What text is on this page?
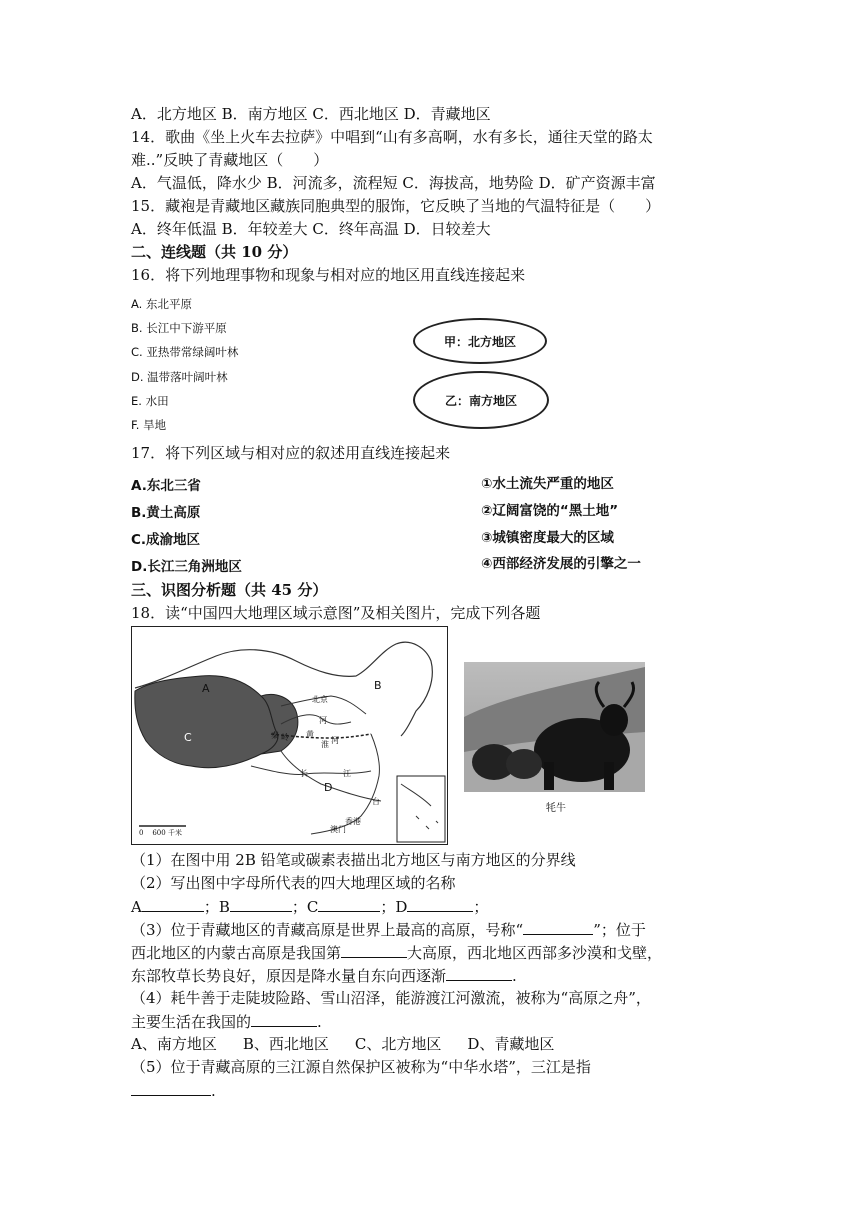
A．北方地区 B．南方地区 C．西北地区 D．青藏地区
14．歌曲《坐上火车去拉萨》中唱到“山有多高啊，水有多长，通往天堂的路太
难..”反映了青藏地区（　　）
A．气温低，降水少 B．河流多，流程短 C．海拔高，地势险 D．矿产资源丰富
15．藏袍是青藏地区藏族同胞典型的服饰，它反映了当地的气温特征是（　　）
A．终年低温 B．年较差大 C．终年高温 D．日较差大
二、连线题（共 10 分）
16．将下列地理事物和现象与相对应的地区用直线连接起来
A. 东北平原
B. 长江中下游平原
C. 亚热带常绿阔叶林
D. 温带落叶阔叶林
E. 水田
F. 旱地
甲：北方地区
乙：南方地区
17．将下列区域与相对应的叙述用直线连接起来
A.东北三省
B.黄土高原
C.成渝地区
D.长江三角洲地区
①水土流失严重的地区
②辽阔富饶的“黑土地”
③城镇密度最大的区域
④西部经济发展的引擎之一
三、识图分析题（共 45 分）
18．读“中国四大地理区域示意图”及相关图片，完成下列各题
A	B
C
D
北京
秦 岭
淮 河
黄
河
长	江
台
香港
澳门
0    600 千米
牦牛
（1）在图中用 2B 铅笔或碳素表描出北方地区与南方地区的分界线
（2）写出图中字母所代表的四大地理区域的名称
A	；B	；C	；D	；
（3）位于青藏地区的青藏高原是世界上最高的高原，号称“	”；位于
西北地区的内蒙古高原是我国第	大高原，西北地区西部多沙漠和戈壁，
东部牧草长势良好，原因是降水量自东向西逐渐	.
（4）耗牛善于走陡坡险路、雪山沼泽，能游渡江河激流，被称为“高原之舟”，
主要生活在我国的	.
A、南方地区 B、西北地区 C、北方地区 D、青藏地区
（5）位于青藏高原的三江源自然保护区被称为“中华水塔”，三江是指
.
